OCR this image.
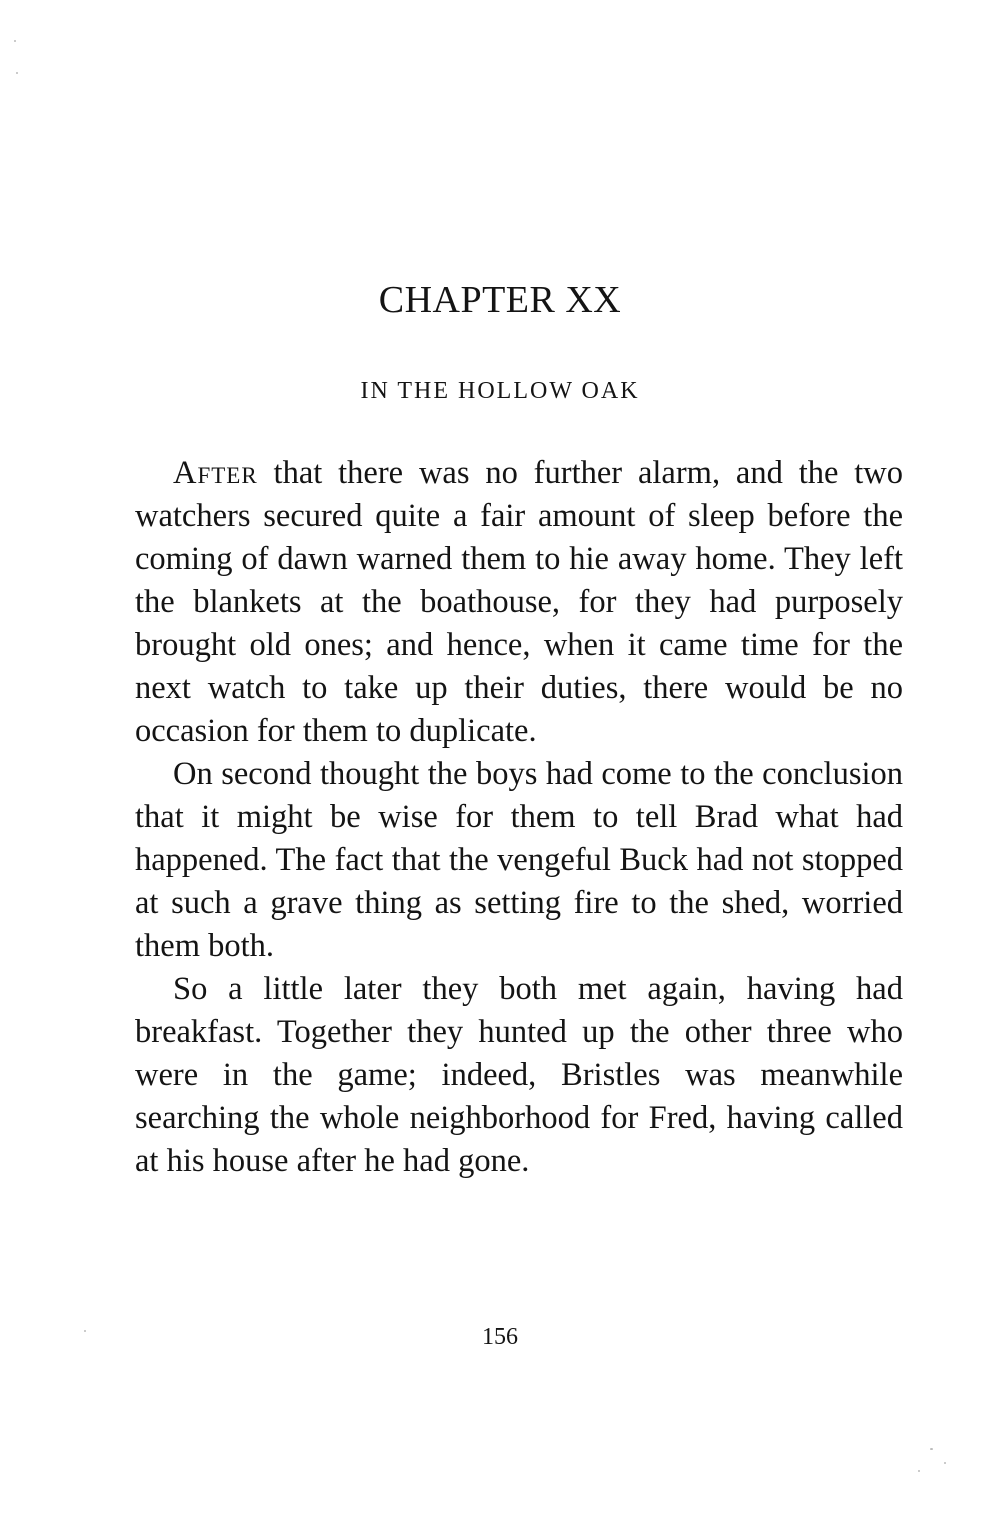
CHAPTER XX
IN THE HOLLOW OAK

After that there was no further alarm, and the two watchers secured quite a fair amount of sleep before the coming of dawn warned them to hie away home. They left the blankets at the boathouse, for they had purposely brought old ones; and hence, when it came time for the next watch to take up their duties, there would be no occasion for them to duplicate.

On second thought the boys had come to the conclusion that it might be wise for them to tell Brad what had happened. The fact that the vengeful Buck had not stopped at such a grave thing as setting fire to the shed, worried them both.

So a little later they both met again, having had breakfast. Together they hunted up the other three who were in the game; indeed, Bristles was meanwhile searching the whole neighborhood for Fred, having called at his house after he had gone.

156
